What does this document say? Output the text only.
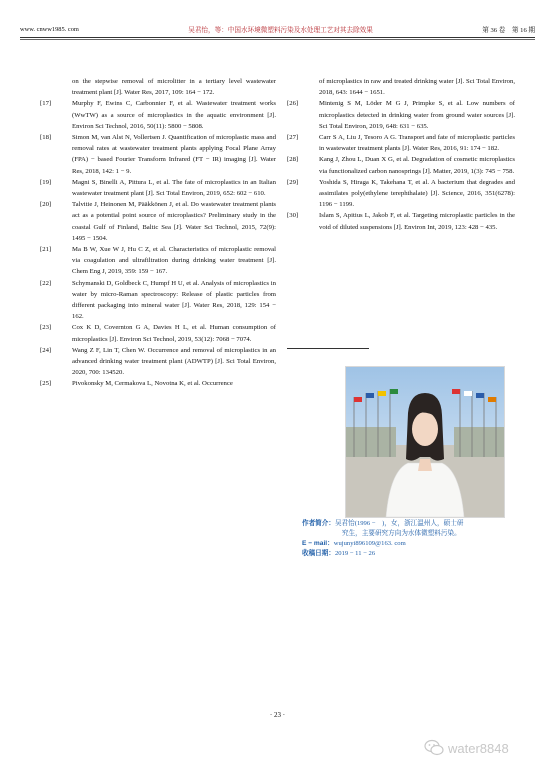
www. cnww1985. com	吴君怡，等：中国水环境微塑料污染及水处理工艺对其去除效果	第 36 卷　第 16 期

on the stepwise removal of microlitter in a tertiary level wastewater treatment plant [J]. Water Res, 2017, 109: 164 − 172.

[17]	Murphy F, Ewins C, Carbonnier F, et al. Wastewater treatment works (WwTW) as a source of microplastics in the aquatic environment [J]. Environ Sci Technol, 2016, 50(11): 5800 − 5808.

[18]	Simon M, van Alst N, Vollertsen J. Quantification of microplastic mass and removal rates at wastewater treatment plants applying Focal Plane Array (FPA) − based Fourier Transform Infrared (FT − IR) imaging [J]. Water Res, 2018, 142: 1 − 9.

[19]	Magni S, Binelli A, Pittura L, et al. The fate of microplastics in an Italian wastewater treatment plant [J]. Sci Total Environ, 2019, 652: 602 − 610.

[20]	Talvitie J, Heinonen M, Pääkkönen J, et al. Do wastewater treatment plants act as a potential point source of microplastics? Preliminary study in the coastal Gulf of Finland, Baltic Sea [J]. Water Sci Technol, 2015, 72(9): 1495 − 1504.

[21]	Ma B W, Xue W J, Hu C Z, et al. Characteristics of microplastic removal via coagulation and ultrafiltration during drinking water treatment [J]. Chem Eng J, 2019, 359: 159 − 167.

[22]	Schymanski D, Goldbeck C, Humpf H U, et al. Analysis of microplastics in water by micro-Raman spectroscopy: Release of plastic particles from different packaging into mineral water [J]. Water Res, 2018, 129: 154 − 162.

[23]	Cox K D, Covernton G A, Davies H L, et al. Human consumption of microplastics [J]. Environ Sci Technol, 2019, 53(12): 7068 − 7074.

[24]	Wang Z F, Lin T, Chen W. Occurrence and removal of microplastics in an advanced drinking water treatment plant (ADWTP) [J]. Sci Total Environ, 2020, 700: 134520.

[25]	Pivokonsky M, Cermakova L, Novotna K, et al. Occurrence

of microplastics in raw and treated drinking water [J]. Sci Total Environ, 2018, 643: 1644 − 1651.

[26]	Mintenig S M, Löder M G J, Primpke S, et al. Low numbers of microplastics detected in drinking water from ground water sources [J]. Sci Total Environ, 2019, 648: 631 − 635.

[27]	Carr S A, Liu J, Tesoro A G. Transport and fate of microplastic particles in wastewater treatment plants [J]. Water Res, 2016, 91: 174 − 182.

[28]	Kang J, Zhou L, Duan X G, et al. Degradation of cosmetic microplastics via functionalized carbon nanosprings [J]. Matter, 2019, 1(3): 745 − 758.

[29]	Yoshida S, Hiraga K, Takehana T, et al. A bacterium that degrades and assimilates poly(ethylene terephthalate) [J]. Science, 2016, 351(6278): 1196 − 1199.

[30]	Islam S, Apitius L, Jakob F, et al. Targeting microplastic particles in the void of diluted suspensions [J]. Environ Int, 2019, 123: 428 − 435.

作者简介：吴君怡(1996 −　)，女，浙江温州人，硕士研
究生，主要研究方向为水体微塑料污染。
E − mail：wujunyi896109@163. com
收稿日期：2019 − 11 − 26
· 23 ·
water8848
